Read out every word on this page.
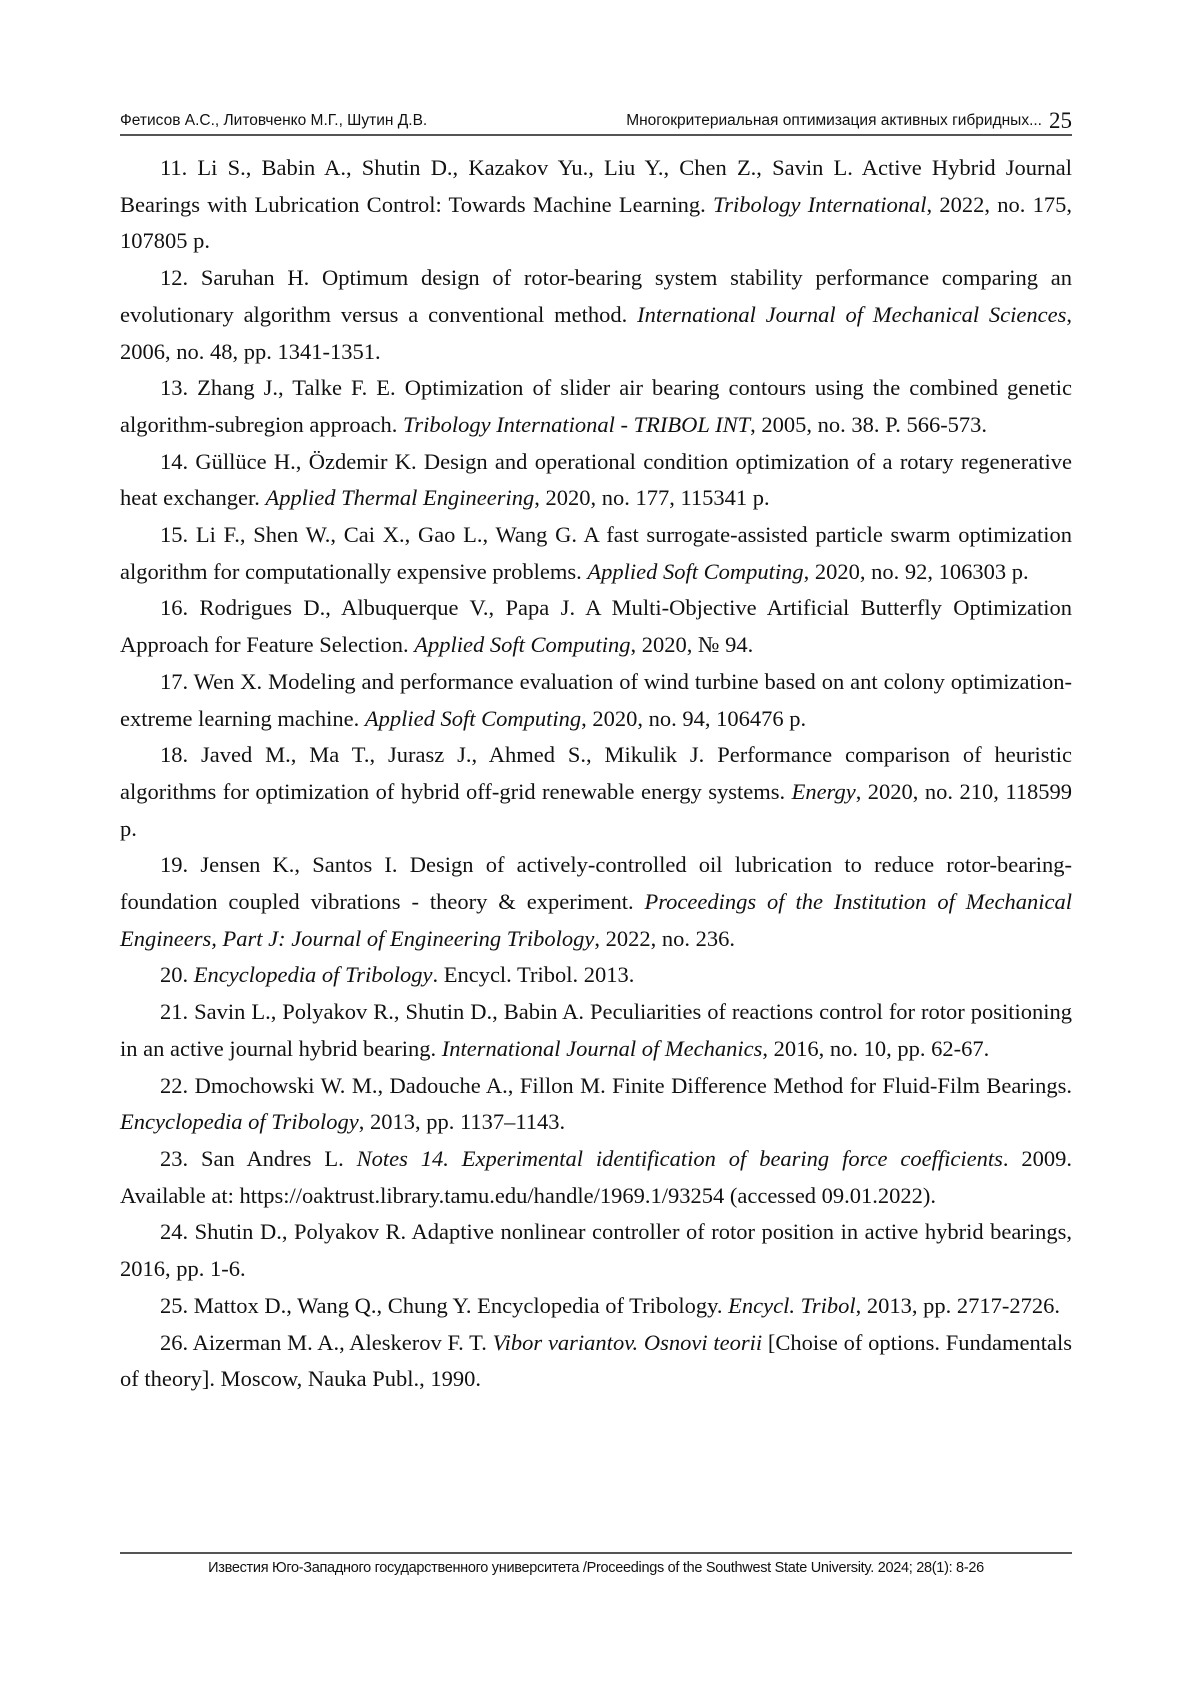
Фетисов А.С., Литовченко М.Г., Шутин Д.В.	Многокритериальная оптимизация активных гибридных... 25

11. Li S., Babin A., Shutin D., Kazakov Yu., Liu Y., Chen Z., Savin L. Active Hybrid Journal Bearings with Lubrication Control: Towards Machine Learning. Tribology International, 2022, no. 175, 107805 p.

12. Saruhan H. Optimum design of rotor-bearing system stability performance comparing an evolutionary algorithm versus a conventional method. International Journal of Mechanical Sciences, 2006, no. 48, pp. 1341-1351.

13. Zhang J., Talke F. E. Optimization of slider air bearing contours using the combined genetic algorithm-subregion approach. Tribology International - TRIBOL INT, 2005, no. 38. P. 566-573.

14. Güllüce H., Özdemir K. Design and operational condition optimization of a rotary regenerative heat exchanger. Applied Thermal Engineering, 2020, no. 177, 115341 p.

15. Li F., Shen W., Cai X., Gao L., Wang G. A fast surrogate-assisted particle swarm optimization algorithm for computationally expensive problems. Applied Soft Computing, 2020, no. 92, 106303 p.

16. Rodrigues D., Albuquerque V., Papa J. A Multi-Objective Artificial Butterfly Optimization Approach for Feature Selection. Applied Soft Computing, 2020, № 94.

17. Wen X. Modeling and performance evaluation of wind turbine based on ant colony optimization-extreme learning machine. Applied Soft Computing, 2020, no. 94, 106476 p.

18. Javed M., Ma T., Jurasz J., Ahmed S., Mikulik J. Performance comparison of heuristic algorithms for optimization of hybrid off-grid renewable energy systems. Energy, 2020, no. 210, 118599 p.

19. Jensen K., Santos I. Design of actively-controlled oil lubrication to reduce rotor-bearing-foundation coupled vibrations - theory & experiment. Proceedings of the Institution of Mechanical Engineers, Part J: Journal of Engineering Tribology, 2022, no. 236.

20. Encyclopedia of Tribology. Encycl. Tribol. 2013.

21. Savin L., Polyakov R., Shutin D., Babin A. Peculiarities of reactions control for rotor positioning in an active journal hybrid bearing. International Journal of Mechanics, 2016, no. 10, pp. 62-67.

22. Dmochowski W. M., Dadouche A., Fillon M. Finite Difference Method for Fluid-Film Bearings. Encyclopedia of Tribology, 2013, pp. 1137–1143.

23. San Andres L. Notes 14. Experimental identification of bearing force coefficients. 2009. Available at: https://oaktrust.library.tamu.edu/handle/1969.1/93254 (accessed 09.01.2022).

24. Shutin D., Polyakov R. Adaptive nonlinear controller of rotor position in active hybrid bearings, 2016, pp. 1-6.

25. Mattox D., Wang Q., Chung Y. Encyclopedia of Tribology. Encycl. Tribol, 2013, pp. 2717-2726.

26. Aizerman M. A., Aleskerov F. T. Vibor variantov. Osnovi teorii [Choise of options. Fundamentals of theory]. Moscow, Nauka Publ., 1990.

Известия Юго-Западного государственного университета /Proceedings of the Southwest State University. 2024; 28(1): 8-26
